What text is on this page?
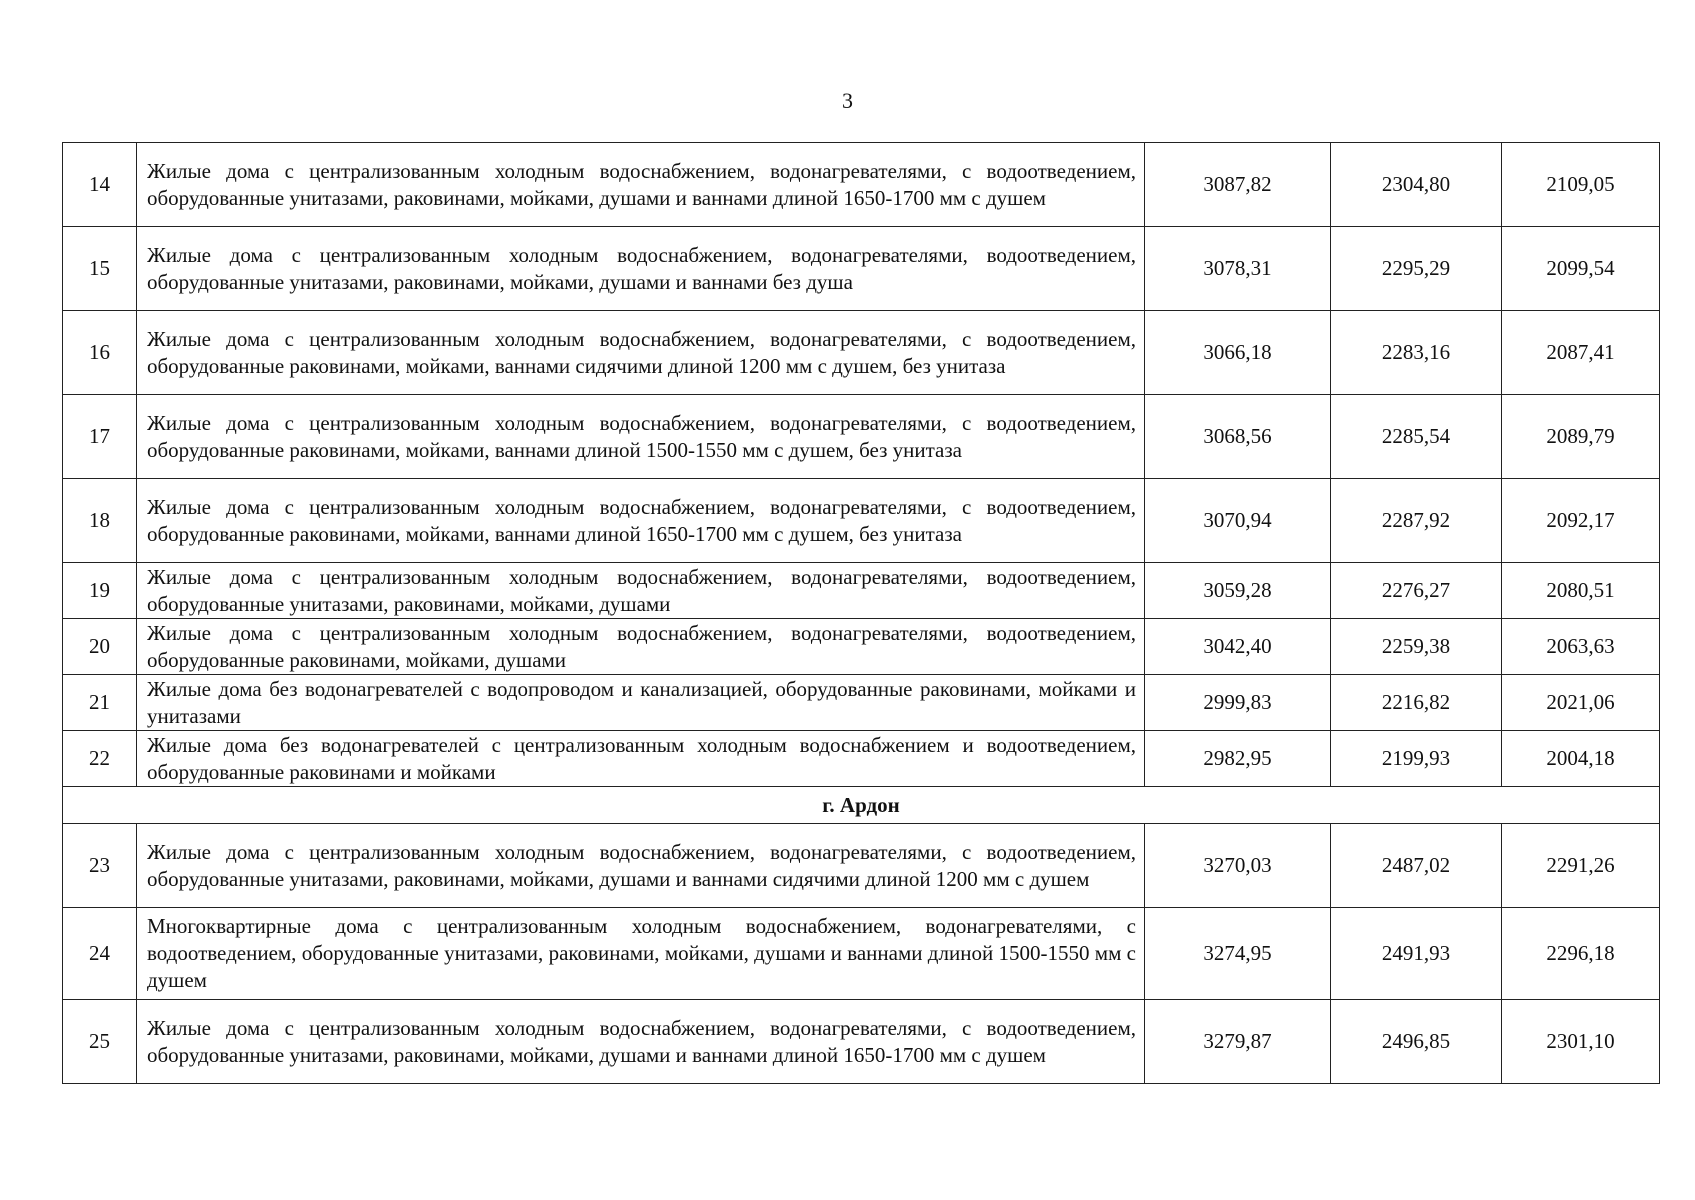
3
14	Жилые дома с централизованным холодным водоснабжением, водонагревателями, с водоотведением, оборудованные унитазами, раковинами, мойками, душами и ваннами длиной 1650-1700 мм с душем	3087,82	2304,80	2109,05
15	Жилые дома с централизованным холодным водоснабжением, водонагревателями, водоотведением, оборудованные унитазами, раковинами, мойками, душами и ваннами без душа	3078,31	2295,29	2099,54
16	Жилые дома с централизованным холодным водоснабжением, водонагревателями, с водоотведением, оборудованные раковинами, мойками, ваннами сидячими длиной 1200 мм с душем, без унитаза	3066,18	2283,16	2087,41
17	Жилые дома с централизованным холодным водоснабжением, водонагревателями, с водоотведением, оборудованные раковинами, мойками, ваннами длиной 1500-1550 мм с душем, без унитаза	3068,56	2285,54	2089,79
18	Жилые дома с централизованным холодным водоснабжением, водонагревателями, с водоотведением, оборудованные раковинами, мойками, ваннами длиной 1650-1700 мм с душем, без унитаза	3070,94	2287,92	2092,17
19	Жилые дома с централизованным холодным водоснабжением, водонагревателями, водоотведением, оборудованные унитазами, раковинами, мойками, душами	3059,28	2276,27	2080,51
20	Жилые дома с централизованным холодным водоснабжением, водонагревателями, водоотведением, оборудованные раковинами, мойками, душами	3042,40	2259,38	2063,63
21	Жилые дома без водонагревателей с водопроводом и канализацией, оборудованные раковинами, мойками и унитазами	2999,83	2216,82	2021,06
22	Жилые дома без водонагревателей с централизованным холодным водоснабжением и водоотведением, оборудованные раковинами и мойками	2982,95	2199,93	2004,18
г. Ардон				
23	Жилые дома с централизованным холодным водоснабжением, водонагревателями, с водоотведением, оборудованные унитазами, раковинами, мойками, душами и ваннами сидячими длиной 1200 мм с душем	3270,03	2487,02	2291,26
24	Многоквартирные дома с централизованным холодным водоснабжением, водонагревателями, с водоотведением, оборудованные унитазами, раковинами, мойками, душами и ваннами длиной 1500-1550 мм с душем	3274,95	2491,93	2296,18
25	Жилые дома с централизованным холодным водоснабжением, водонагревателями, с водоотведением, оборудованные унитазами, раковинами, мойками, душами и ваннами длиной 1650-1700 мм с душем	3279,87	2496,85	2301,10
